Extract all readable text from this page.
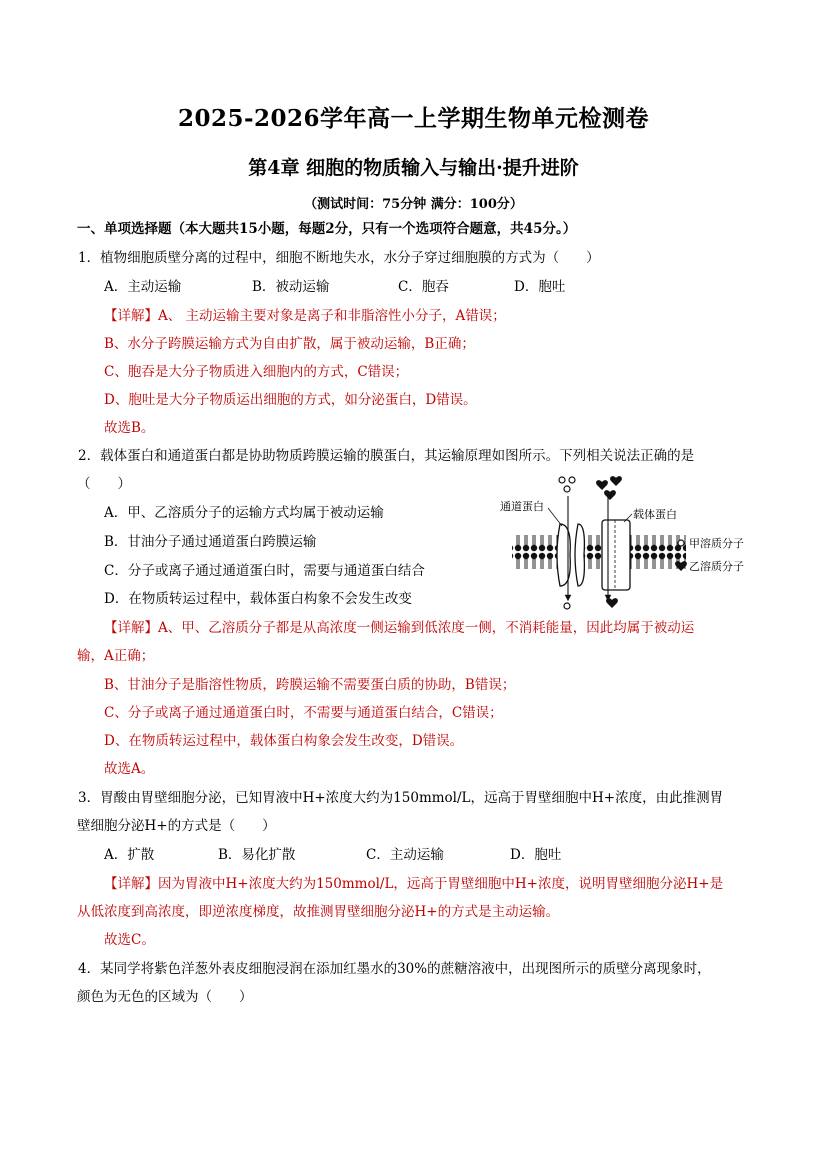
2025-2026学年高一上学期生物单元检测卷
第4章 细胞的物质输入与输出·提升进阶
（测试时间：75分钟 满分：100分）
一、单项选择题（本大题共15小题，每题2分，只有一个选项符合题意，共45分。）
1．植物细胞质壁分离的过程中，细胞不断地失水，水分子穿过细胞膜的方式为（　　）
A．主动运输	B．被动运输	C．胞吞	D．胞吐
【详解】A、 主动运输主要对象是离子和非脂溶性小分子，A错误；
B、水分子跨膜运输方式为自由扩散，属于被动运输，B正确；
C、胞吞是大分子物质进入细胞内的方式，C错误；
D、胞吐是大分子物质运出细胞的方式，如分泌蛋白，D错误。
故选B。
2．载体蛋白和通道蛋白都是协助物质跨膜运输的膜蛋白，其运输原理如图所示。下列相关说法正确的是
（　　）
A．甲、乙溶质分子的运输方式均属于被动运输
B．甘油分子通过通道蛋白跨膜运输
C．分子或离子通过通道蛋白时，需要与通道蛋白结合
D．在物质转运过程中，载体蛋白构象不会发生改变
通道蛋白
载体蛋白
甲溶质分子
乙溶质分子
【详解】A、甲、乙溶质分子都是从高浓度一侧运输到低浓度一侧，不消耗能量，因此均属于被动运
输，A正确；
B、甘油分子是脂溶性物质，跨膜运输不需要蛋白质的协助，B错误；
C、分子或离子通过通道蛋白时，不需要与通道蛋白结合，C错误；
D、在物质转运过程中，载体蛋白构象会发生改变，D错误。
故选A。
3．胃酸由胃壁细胞分泌，已知胃液中H+浓度大约为150mmol/L，远高于胃壁细胞中H+浓度，由此推测胃
壁细胞分泌H+的方式是（　　）
A．扩散	B．易化扩散	C．主动运输	D．胞吐
【详解】因为胃液中H+浓度大约为150mmol/L，远高于胃壁细胞中H+浓度，说明胃壁细胞分泌H+是
从低浓度到高浓度，即逆浓度梯度，故推测胃壁细胞分泌H+的方式是主动运输。
故选C。
4．某同学将紫色洋葱外表皮细胞浸润在添加红墨水的30%的蔗糖溶液中，出现图所示的质壁分离现象时，
颜色为无色的区域为（　　）
